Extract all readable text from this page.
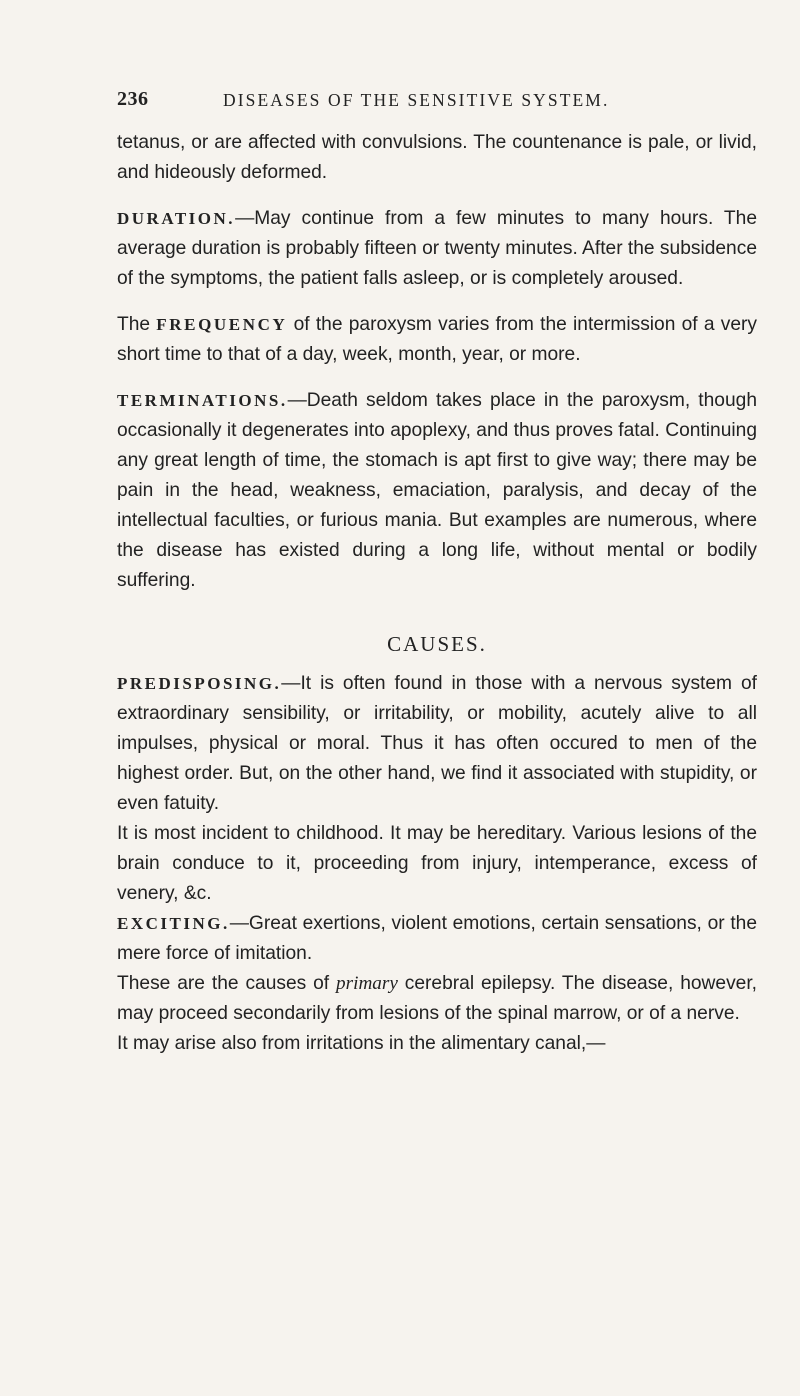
236	DISEASES OF THE SENSITIVE SYSTEM.

tetanus, or are affected with convulsions. The countenance is pale, or livid, and hideously deformed.

DURATION.—May continue from a few minutes to many hours. The average duration is probably fifteen or twenty minutes. After the subsidence of the symptoms, the patient falls asleep, or is completely aroused.

The FREQUENCY of the paroxysm varies from the intermission of a very short time to that of a day, week, month, year, or more.

TERMINATIONS.—Death seldom takes place in the paroxysm, though occasionally it degenerates into apoplexy, and thus proves fatal. Continuing any great length of time, the stomach is apt first to give way; there may be pain in the head, weakness, emaciation, paralysis, and decay of the intellectual faculties, or furious mania. But examples are numerous, where the disease has existed during a long life, without mental or bodily suffering.

CAUSES.

PREDISPOSING.—It is often found in those with a nervous system of extraordinary sensibility, or irritability, or mobility, acutely alive to all impulses, physical or moral. Thus it has often occured to men of the highest order. But, on the other hand, we find it associated with stupidity, or even fatuity.

It is most incident to childhood. It may be hereditary. Various lesions of the brain conduce to it, proceeding from injury, intemperance, excess of venery, &c.

EXCITING.—Great exertions, violent emotions, certain sensations, or the mere force of imitation.

These are the causes of primary cerebral epilepsy. The disease, however, may proceed secondarily from lesions of the spinal marrow, or of a nerve.

It may arise also from irritations in the alimentary canal,—
